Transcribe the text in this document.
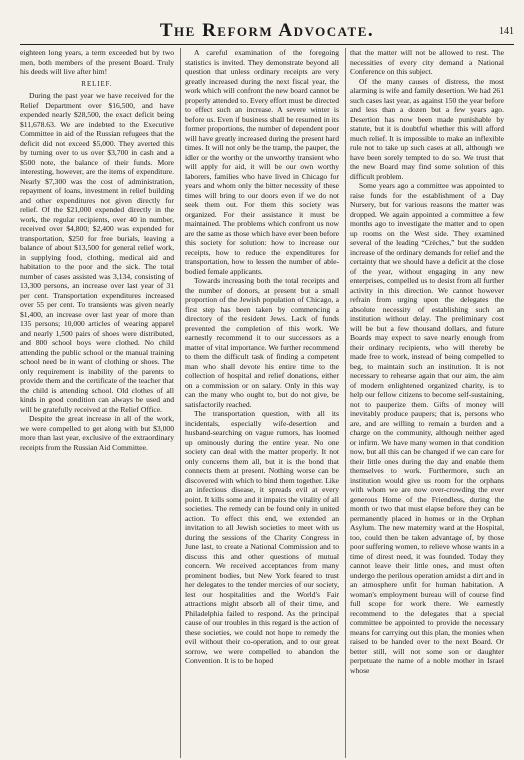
The Reform Advocate.	141

eighteen long years, a term exceeded but by two men, both members of the present Board. Truly his deeds will live after him!

RELIEF.

During the past year we have received for the Relief Department over $16,500, and have expended nearly $28,500, the exact deficit being $11,678.63. We are indebted to the Executive Committee in aid of the Russian refugees that the deficit did not exceed $5,000. They averted this by turning over to us over $3,700 in cash and a $500 note, the balance of their funds. More interesting, however, are the items of expenditure. Nearly $7,300 was the cost of administration, repayment of loans, investment in relief building and other expenditures not given directly for relief. Of the $21,000 expended directly in the work, the regular recipients, over 40 in number, received over $4,800; $2,400 was expended for transportation, $250 for free burials, leaving a balance of about $13,500 for general relief work, in supplying food, clothing, medical aid and habitation to the poor and the sick. The total number of cases assisted was 3,134, consisting of 13,300 persons, an increase over last year of 31 per cent. Transportation expenditures increased over 55 per cent. To transients was given nearly $1,400, an increase over last year of more than 135 persons; 10,000 articles of wearing apparel and nearly 1,500 pairs of shoes were distributed, and 800 school boys were clothed. No child attending the public school or the manual training school need be in want of clothing or shoes. The only requirement is inability of the parents to provide them and the certificate of the teacher that the child is attending school. Old clothes of all kinds in good condition can always be used and will be gratefully received at the Relief Office.

Despite the great increase in all of the work, we were compelled to get along with but $3,000 more than last year, exclusive of the extraordinary receipts from the Russian Aid Committee.

A careful examination of the foregoing statistics is invited. They demonstrate beyond all question that unless ordinary receipts are very greatly increased during the next fiscal year, the work which will confront the new board cannot be properly attended to. Every effort must be directed to effect such an increase. A severe winter is before us. Even if business shall be resumed in its former proportions, the number of dependent poor will have greatly increased during the present hard times. It will not only be the tramp, the pauper, the idler or the worthy or the unworthy transient who will apply for aid, it will be our own worthy laborers, families who have lived in Chicago for years and whom only the bitter necessity of these times will bring to our doors even if we do not seek them out. For them this society was organized. For their assistance it must be maintained. The problems which confront us now are the same as those which have ever been before this society for solution: how to increase our receipts, how to reduce the expenditures for transportation, how to lessen the number of able-bodied female applicants.

Towards increasing both the total receipts and the number of donors, at present but a small proportion of the Jewish population of Chicago, a first step has been taken by commencing a directory of the resident Jews. Lack of funds prevented the completion of this work. We earnestly recommend it to our successors as a matter of vital importance. We further recommend to them the difficult task of finding a competent man who shall devote his entire time to the collection of hospital and relief donations, either on a commission or on salary. Only in this way can the many who ought to, but do not give, be satisfactorily reached.

The transportation question, with all its incidentals, especially wife-desertion and husband-searching on vague rumors, has loomed up ominously during the entire year. No one society can deal with the matter properly. It not only concerns them all, but it is the bond that connects them at present. Nothing worse can be discovered with which to bind them together. Like an infectious disease, it spreads evil at every point. It kills some and it impairs the vitality of all societies. The remedy can be found only in united action. To effect this end, we extended an invitation to all Jewish societies to meet with us during the sessions of the Charity Congress in June last, to create a National Commission and to discuss this and other questions of mutual concern. We received acceptances from many prominent bodies, but New York feared to trust her delegates to the tender mercies of our society, lest our hospitalities and the World's Fair attractions might absorb all of their time, and Philadelphia failed to respond. As the principal cause of our troubles in this regard is the action of these societies, we could not hope to remedy the evil without their co-operation, and to our great sorrow, we were compelled to abandon the Convention. It is to be hoped

that the matter will not be allowed to rest. The necessities of every city demand a National Conference on this subject.

Of the many causes of distress, the most alarming is wife and family desertion. We had 261 such cases last year, as against 150 the year before and less than a dozen but a few years ago. Desertion has now been made punishable by statute, but it is doubtful whether this will afford much relief. It is impossible to make an inflexible rule not to take up such cases at all, although we have been sorely tempted to do so. We trust that the new Board may find some solution of this difficult problem.

Some years ago a committee was appointed to raise funds for the establishment of a Day Nursery, but for various reasons the matter was dropped. We again appointed a committee a few months ago to investigate the matter and to open up rooms on the West side. They examined several of the leading “Crèches,” but the sudden increase of the ordinary demands for relief and the certainty that we should have a deficit at the close of the year, without engaging in any new enterprises, compelled us to desist from all further activity in this direction. We cannot however refrain from urging upon the delegates the absolute necessity of establishing such an institution without delay. The preliminary cost will be but a few thousand dollars, and future Boards may expect to save nearly enough from their ordinary recipients, who will thereby be made free to work, instead of being compelled to beg, to maintain such an institution. It is not necessary to rehearse again that our aim, the aim of modern enlightened organized charity, is to help our fellow citizens to become self-sustaining, not to pauperize them. Gifts of money will inevitably produce paupers; that is, persons who are, and are willing to remain a burden and a charge on the community, although neither aged or infirm. We have many women in that condition now, but all this can be changed if we can care for their little ones during the day and enable them themselves to work. Furthermore, such an institution would give us room for the orphans with whom we are now over-crowding the ever generous Home of the Friendless, during the month or two that must elapse before they can be permanently placed in homes or in the Orphan Asylum. The new maternity ward at the Hospital, too, could then be taken advantage of, by those poor suffering women, to relieve whose wants in a time of direst need, it was founded. Today they cannot leave their little ones, and must often undergo the perilous operation amidst a dirt and in an atmosphere unfit for human habitation. A woman's employment bureau will of course find full scope for work there. We earnestly recommend to the delegates that a special committee be appointed to provide the necessary means for carrying out this plan, the monies when raised to be handed over to the next Board. Or better still, will not some son or daughter perpetuate the name of a noble mother in Israel whose
